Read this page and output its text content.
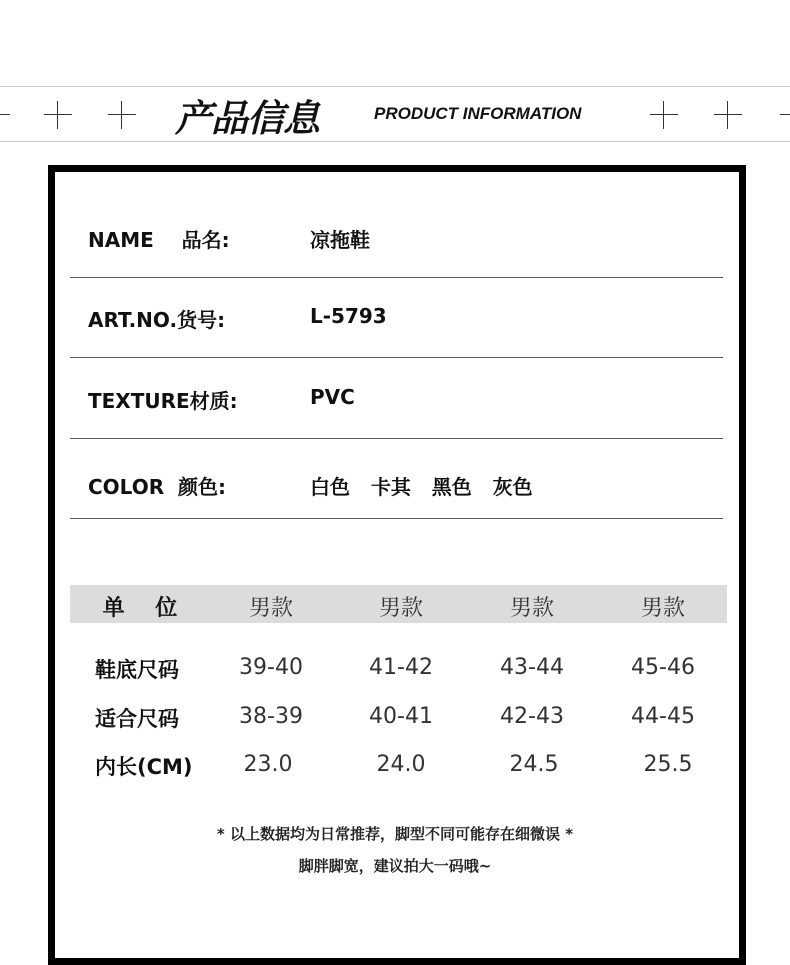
产品信息	PRODUCT INFORMATION
NAME    品名:	凉拖鞋
ART.NO.货号:	L-5793
TEXTURE材质:	PVC
COLOR  颜色:	白色   卡其   黑色   灰色
单    位	男款	男款	男款	男款
鞋底尺码	39-40	41-42	43-44	45-46
适合尺码	38-39	40-41	42-43	44-45
内长(CM)	23.0	24.0	24.5	25.5
* 以上数据均为日常推荐，脚型不同可能存在细微误 *
脚胖脚宽，建议拍大一码哦~
